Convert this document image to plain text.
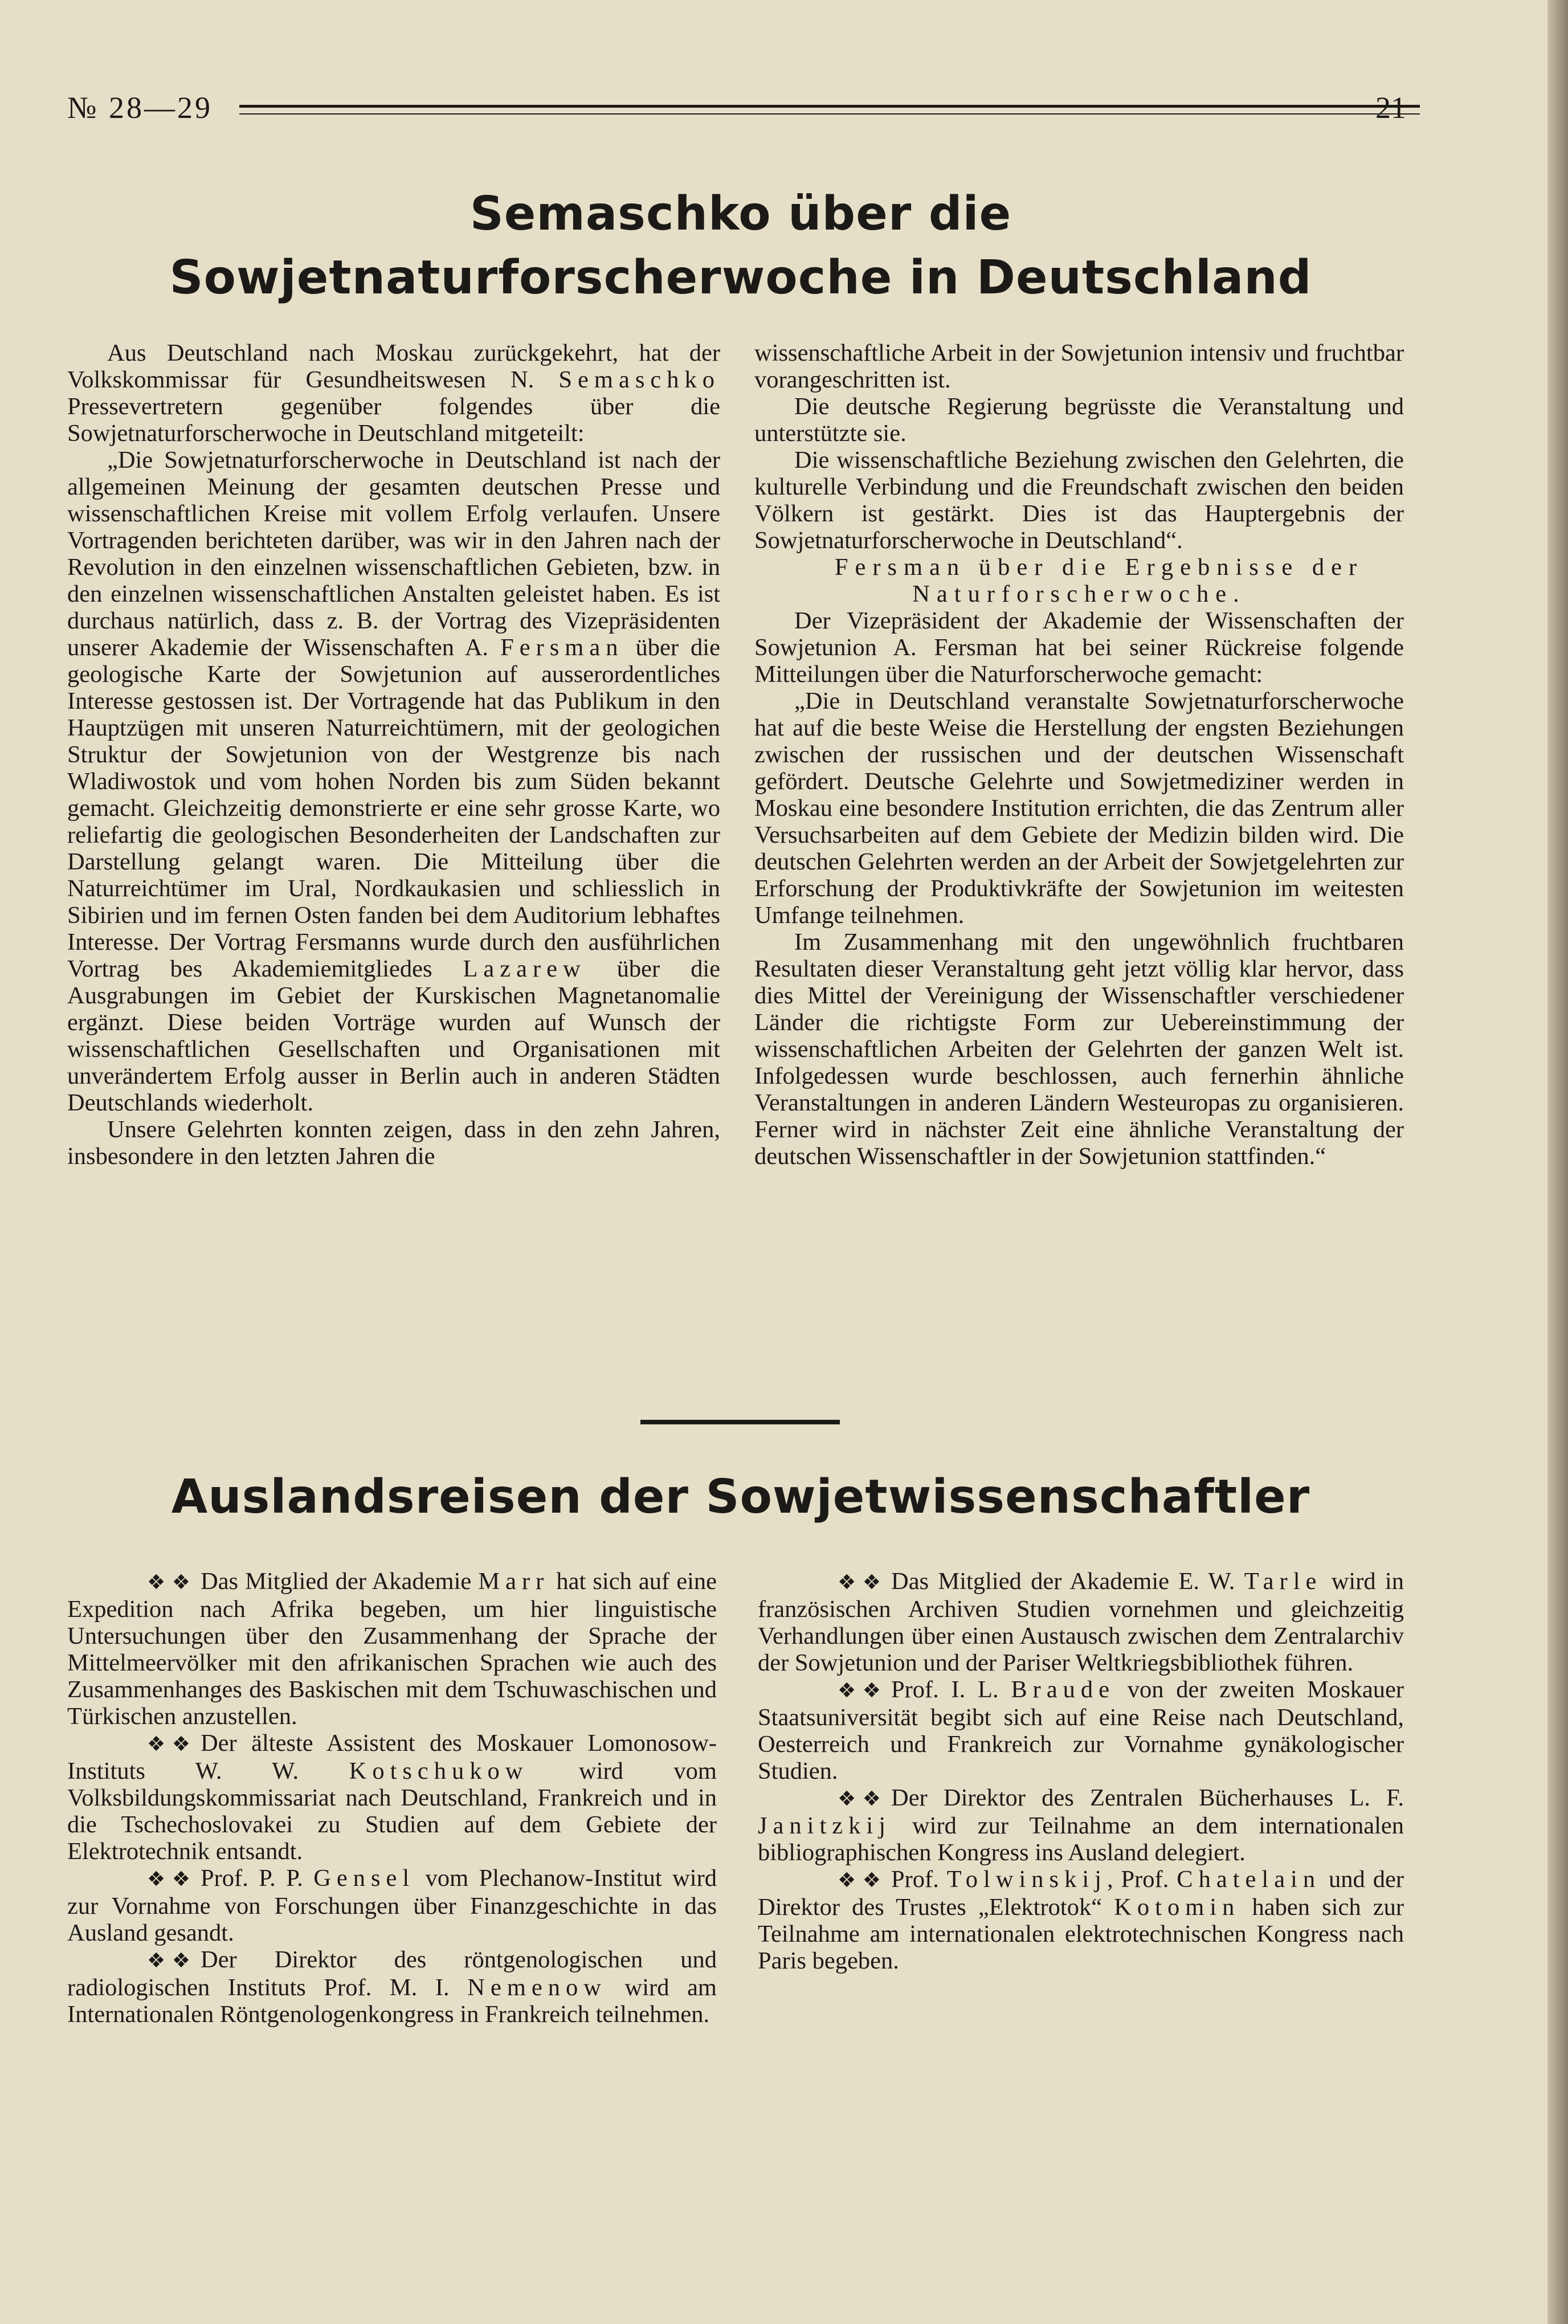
№ 28—29	21
Semaschko über die Sowjetnaturforscherwoche in Deutschland

Aus Deutschland nach Moskau zurückgekehrt, hat der Volkskommissar für Gesundheitswesen N. Semaschko Pressevertretern gegenüber folgendes über die Sowjetnaturforscherwoche in Deutschland mitgeteilt:

„Die Sowjetnaturforscherwoche in Deutschland ist nach der allgemeinen Meinung der gesamten deutschen Presse und wissenschaftlichen Kreise mit vollem Erfolg verlaufen. Unsere Vortragenden berichteten darüber, was wir in den Jahren nach der Revolution in den einzelnen wissenschaftlichen Gebieten, bzw. in den einzelnen wissenschaftlichen Anstalten geleistet haben. Es ist durchaus natürlich, dass z. B. der Vortrag des Vizepräsidenten unserer Akademie der Wissenschaften A. Fersman über die geologische Karte der Sowjetunion auf ausserordentliches Interesse gestossen ist. Der Vortragende hat das Publikum in den Hauptzügen mit unseren Naturreichtümern, mit der geologichen Struktur der Sowjetunion von der Westgrenze bis nach Wladiwostok und vom hohen Norden bis zum Süden bekannt gemacht. Gleichzeitig demonstrierte er eine sehr grosse Karte, wo reliefartig die geologischen Besonderheiten der Landschaften zur Darstellung gelangt waren. Die Mitteilung über die Naturreichtümer im Ural, Nordkaukasien und schliesslich in Sibirien und im fernen Osten fanden bei dem Auditorium lebhaftes Interesse. Der Vortrag Fersmanns wurde durch den ausführlichen Vortrag bes Akademiemitgliedes Lazarew über die Ausgrabungen im Gebiet der Kurskischen Magnetanomalie ergänzt. Diese beiden Vorträge wurden auf Wunsch der wissenschaftlichen Gesellschaften und Organisationen mit unverändertem Erfolg ausser in Berlin auch in anderen Städten Deutschlands wiederholt.

Unsere Gelehrten konnten zeigen, dass in den zehn Jahren, insbesondere in den letzten Jahren die

wissenschaftliche Arbeit in der Sowjetunion intensiv und fruchtbar vorangeschritten ist.

Die deutsche Regierung begrüsste die Veranstaltung und unterstützte sie.

Die wissenschaftliche Beziehung zwischen den Gelehrten, die kulturelle Verbindung und die Freundschaft zwischen den beiden Völkern ist gestärkt. Dies ist das Hauptergebnis der Sowjetnaturforscherwoche in Deutschland“.

Fersman über die Ergebnisse der Naturforscherwoche.

Der Vizepräsident der Akademie der Wissenschaften der Sowjetunion A. Fersman hat bei seiner Rückreise folgende Mitteilungen über die Naturforscherwoche gemacht:

„Die in Deutschland veranstalte Sowjetnaturforscherwoche hat auf die beste Weise die Herstellung der engsten Beziehungen zwischen der russischen und der deutschen Wissenschaft gefördert. Deutsche Gelehrte und Sowjetmediziner werden in Moskau eine besondere Institution errichten, die das Zentrum aller Versuchsarbeiten auf dem Gebiete der Medizin bilden wird. Die deutschen Gelehrten werden an der Arbeit der Sowjetgelehrten zur Erforschung der Produktivkräfte der Sowjetunion im weitesten Umfange teilnehmen.

Im Zusammenhang mit den ungewöhnlich fruchtbaren Resultaten dieser Veranstaltung geht jetzt völlig klar hervor, dass dies Mittel der Vereinigung der Wissenschaftler verschiedener Länder die richtigste Form zur Uebereinstimmung der wissenschaftlichen Arbeiten der Gelehrten der ganzen Welt ist. Infolgedessen wurde beschlossen, auch fernerhin ähnliche Veranstaltungen in anderen Ländern Westeuropas zu organisieren. Ferner wird in nächster Zeit eine ähnliche Veranstaltung der deutschen Wissenschaftler in der Sowjetunion stattfinden.“

Auslandsreisen der Sowjetwissenschaftler

❖ ❖ Das Mitglied der Akademie Marr hat sich auf eine Expedition nach Afrika begeben, um hier linguistische Untersuchungen über den Zusammenhang der Sprache der Mittelmeervölker mit den afrikanischen Sprachen wie auch des Zusammenhanges des Baskischen mit dem Tschuwaschischen und Türkischen anzustellen.

❖ ❖ Der älteste Assistent des Moskauer Lomonosow-Instituts W. W. Kotschukow wird vom Volksbildungskommissariat nach Deutschland, Frankreich und in die Tschechoslovakei zu Studien auf dem Gebiete der Elektrotechnik entsandt.

❖ ❖ Prof. P. P. Gensel vom Plechanow-Institut wird zur Vornahme von Forschungen über Finanzgeschichte in das Ausland gesandt.

❖ ❖ Der Direktor des röntgenologischen und radiologischen Instituts Prof. M. I. Nemenow wird am Internationalen Röntgenologenkongress in Frankreich teilnehmen.

❖ ❖ Das Mitglied der Akademie E. W. Tarle wird in französischen Archiven Studien vornehmen und gleichzeitig Verhandlungen über einen Austausch zwischen dem Zentralarchiv der Sowjetunion und der Pariser Weltkriegsbibliothek führen.

❖ ❖ Prof. I. L. Braude von der zweiten Moskauer Staatsuniversität begibt sich auf eine Reise nach Deutschland, Oesterreich und Frankreich zur Vornahme gynäkologischer Studien.

❖ ❖ Der Direktor des Zentralen Bücherhauses L. F. Janitzkij wird zur Teilnahme an dem internationalen bibliographischen Kongress ins Ausland delegiert.

❖ ❖ Prof. Tolwinskij, Prof. Chatelain und der Direktor des Trustes „Elektrotok“ Kotomin haben sich zur Teilnahme am internationalen elektrotechnischen Kongress nach Paris begeben.
